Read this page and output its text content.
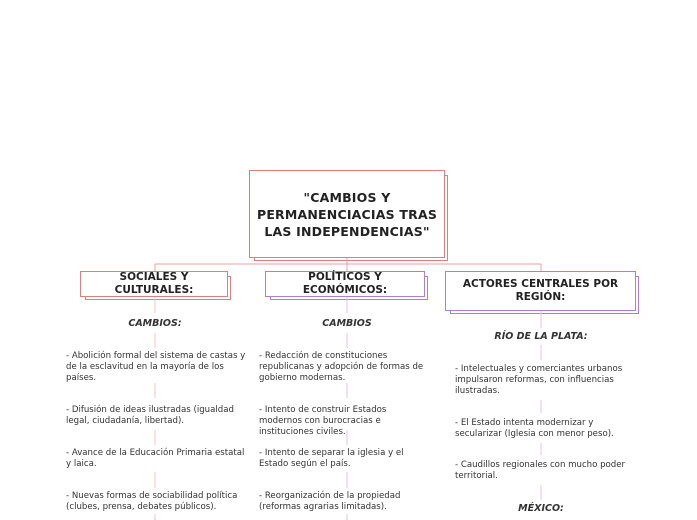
"CAMBIOS Y PERMANENCIACIAS TRAS LAS INDEPENDENCIAS"
SOCIALES Y CULTURALES:
POLÍTICOS Y ECONÓMICOS:	ACTORES CENTRALES POR REGIÓN:
CAMBIOS:
- Abolición formal del sistema de castas y de la esclavitud en la mayoría de los países.
- Difusión de ideas ilustradas (igualdad legal, ciudadanía, libertad).
- Avance de la Educación Primaria estatal y laica.
- Nuevas formas de sociabilidad política (clubes, prensa, debates públicos).
CAMBIOS
- Redacción de constituciones republicanas y adopción de formas de gobierno modernas.
- Intento de construir Estados modernos con burocracias e instituciones civiles.
- Intento de separar la iglesia y el Estado según el país.
- Reorganización de la propiedad (reformas agrarias limitadas).
RÍO DE LA PLATA:
- Intelectuales y comerciantes urbanos impulsaron reformas, con influencias ilustradas.
- El Estado intenta modernizar y secularizar (Iglesia con menor peso).
- Caudillos regionales con mucho poder territorial.
MÉXICO:
